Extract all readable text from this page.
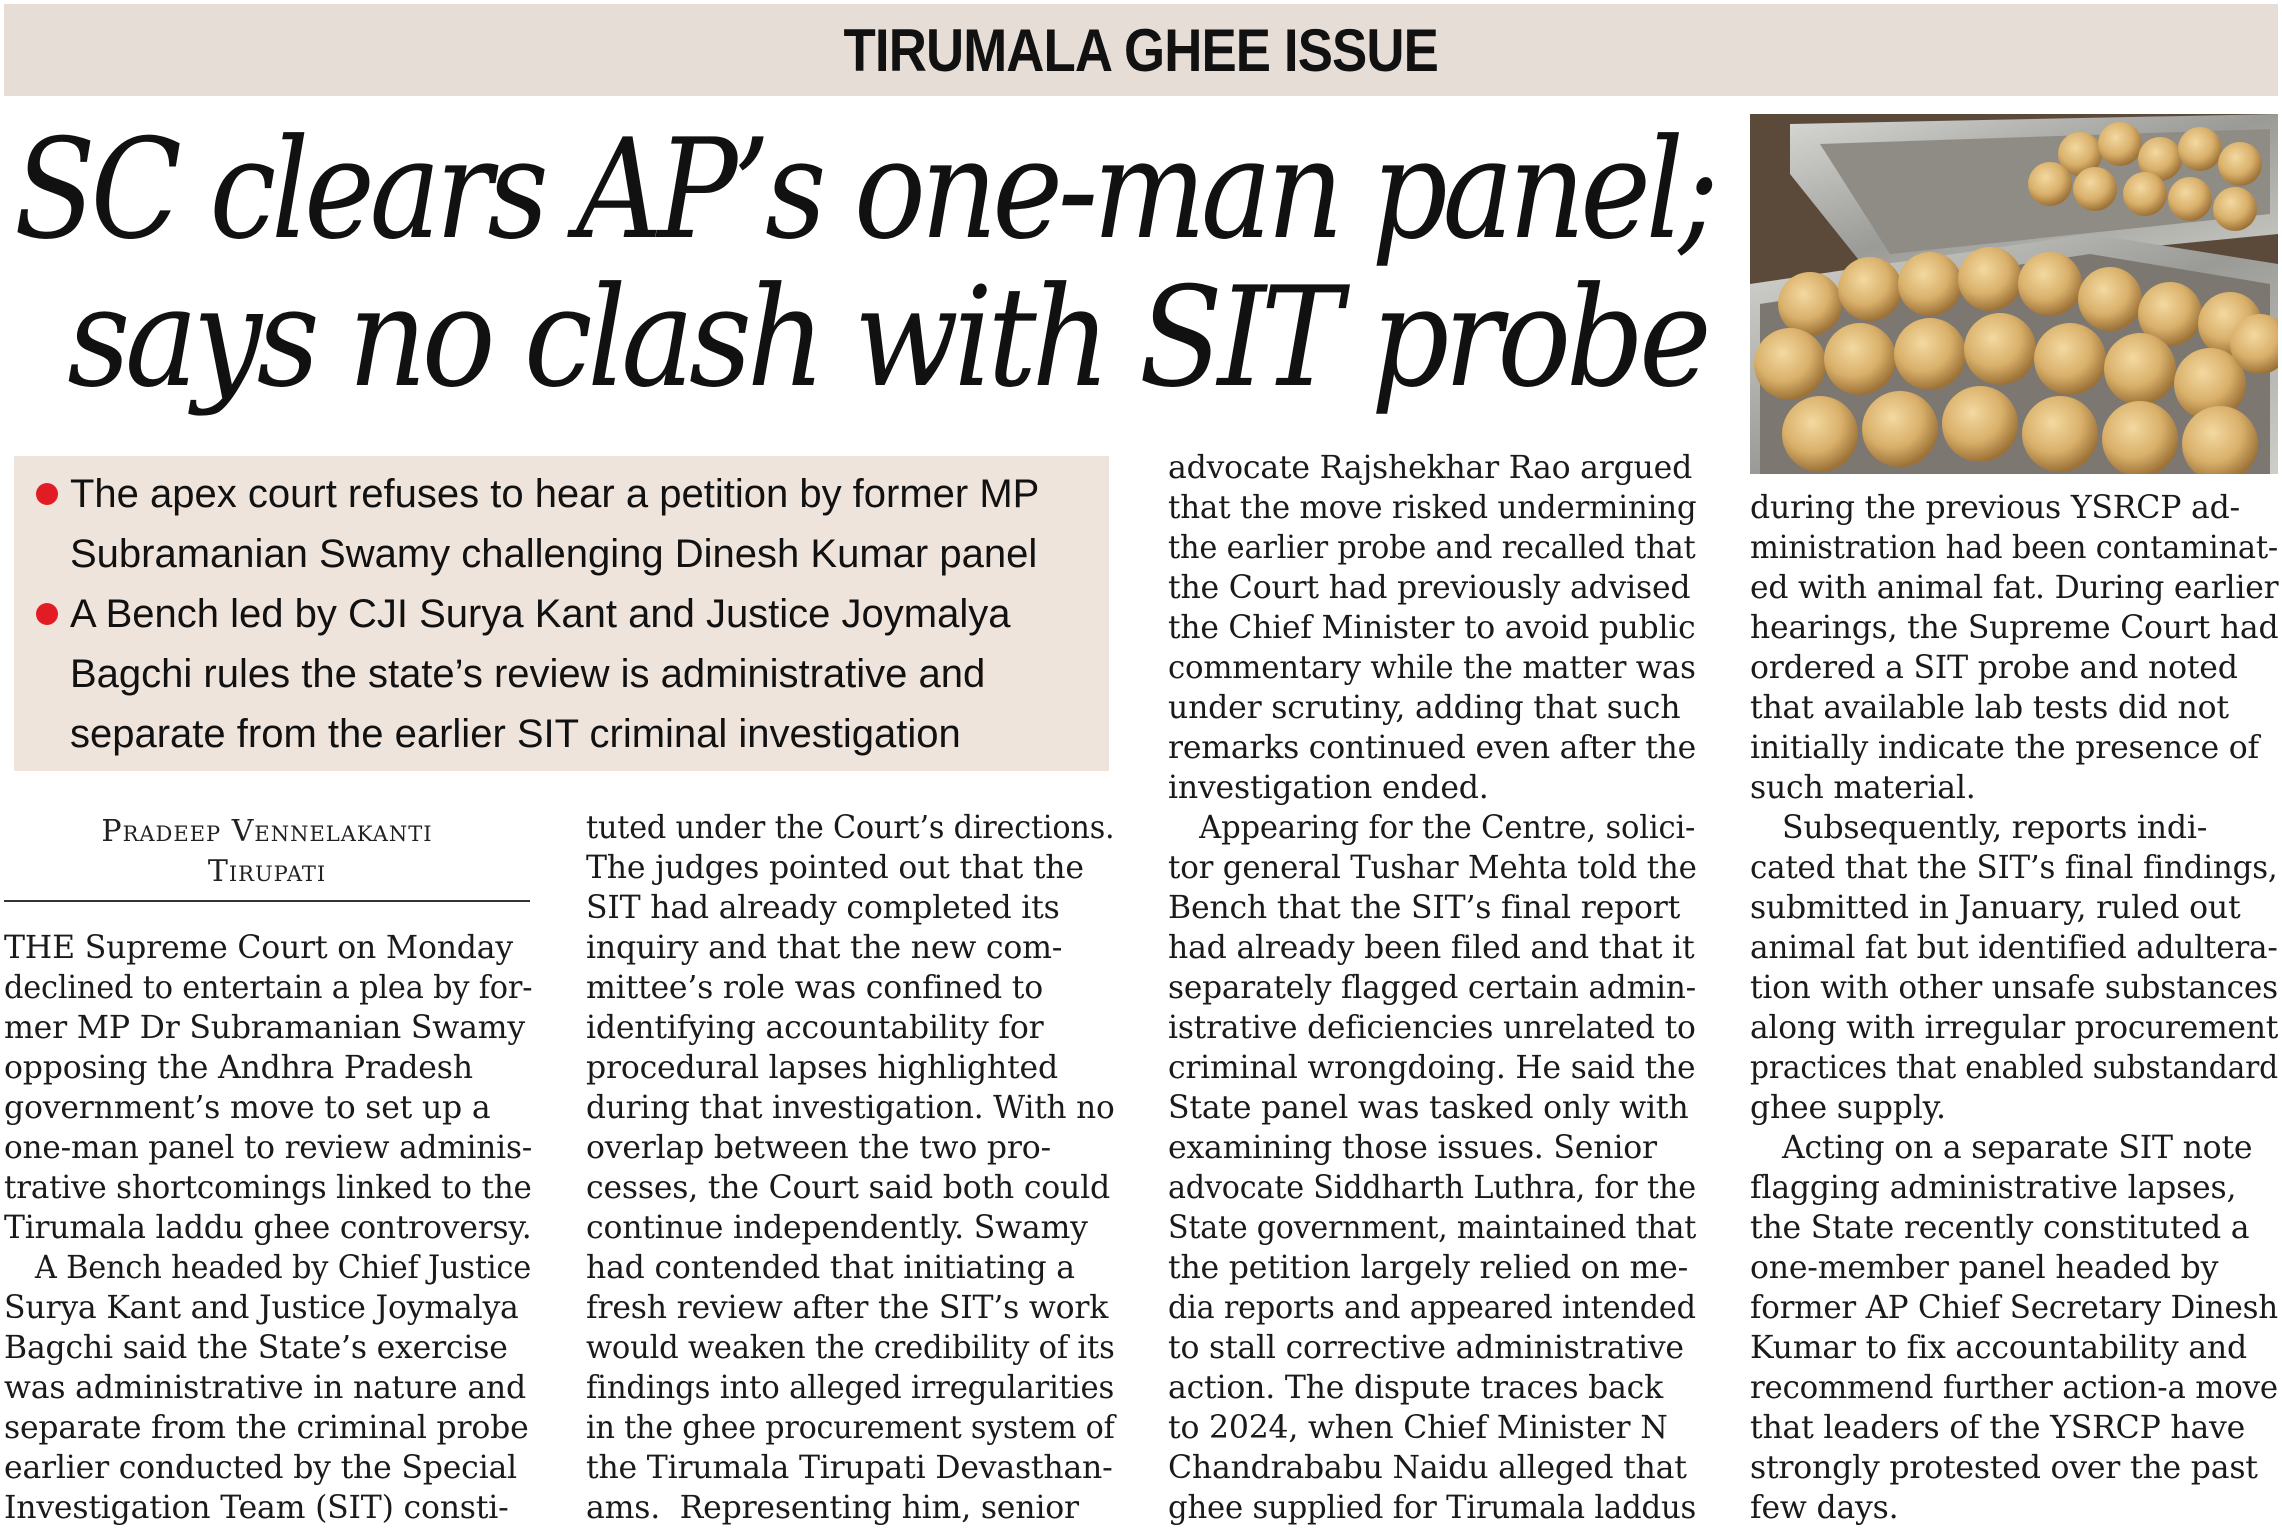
TIRUMALA GHEE ISSUE
SC clears AP’s one-man panel;
says no clash with SIT probe
The apex court refuses to hear a petition by former MP
Subramanian Swamy challenging Dinesh Kumar panel
A Bench led by CJI Surya Kant and Justice Joymalya
Bagchi rules the state’s review is administrative and
separate from the earlier SIT criminal investigation
Pradeep Vennelakanti
Tirupati

THE Supreme Court on Monday

declined to entertain a plea by for-

mer MP Dr Subramanian Swamy

opposing the Andhra Pradesh

government’s move to set up a

one-man panel to review adminis-

trative shortcomings linked to the

Tirumala laddu ghee controversy.

A Bench headed by Chief Justice

Surya Kant and Justice Joymalya

Bagchi said the State’s exercise

was administrative in nature and

separate from the criminal probe

earlier conducted by the Special

Investigation Team (SIT) consti-

tuted under the Court’s directions.

The judges pointed out that the

SIT had already completed its

inquiry and that the new com-

mittee’s role was confined to

identifying accountability for

procedural lapses highlighted

during that investigation. With no

overlap between the two pro-

cesses, the Court said both could

continue independently. Swamy

had contended that initiating a

fresh review after the SIT’s work

would weaken the credibility of its

findings into alleged irregularities

in the ghee procurement system of

the Tirumala Tirupati Devasthan-

ams.  Representing him, senior

advocate Rajshekhar Rao argued

that the move risked undermining

the earlier probe and recalled that

the Court had previously advised

the Chief Minister to avoid public

commentary while the matter was

under scrutiny, adding that such

remarks continued even after the

investigation ended.

Appearing for the Centre, solici-

tor general Tushar Mehta told the

Bench that the SIT’s final report

had already been filed and that it

separately flagged certain admin-

istrative deficiencies unrelated to

criminal wrongdoing. He said the

State panel was tasked only with

examining those issues. Senior

advocate Siddharth Luthra, for the

State government, maintained that

the petition largely relied on me-

dia reports and appeared intended

to stall corrective administrative

action. The dispute traces back

to 2024, when Chief Minister N

Chandrababu Naidu alleged that

ghee supplied for Tirumala laddus

during the previous YSRCP ad-

ministration had been contaminat-

ed with animal fat. During earlier

hearings, the Supreme Court had

ordered a SIT probe and noted

that available lab tests did not

initially indicate the presence of

such material.

Subsequently, reports indi-

cated that the SIT’s final findings,

submitted in January, ruled out

animal fat but identified adultera-

tion with other unsafe substances

along with irregular procurement

practices that enabled substandard

ghee supply.

Acting on a separate SIT note

flagging administrative lapses,

the State recently constituted a

one-member panel headed by

former AP Chief Secretary Dinesh

Kumar to fix accountability and

recommend further action-a move

that leaders of the YSRCP have

strongly protested over the past

few days.
